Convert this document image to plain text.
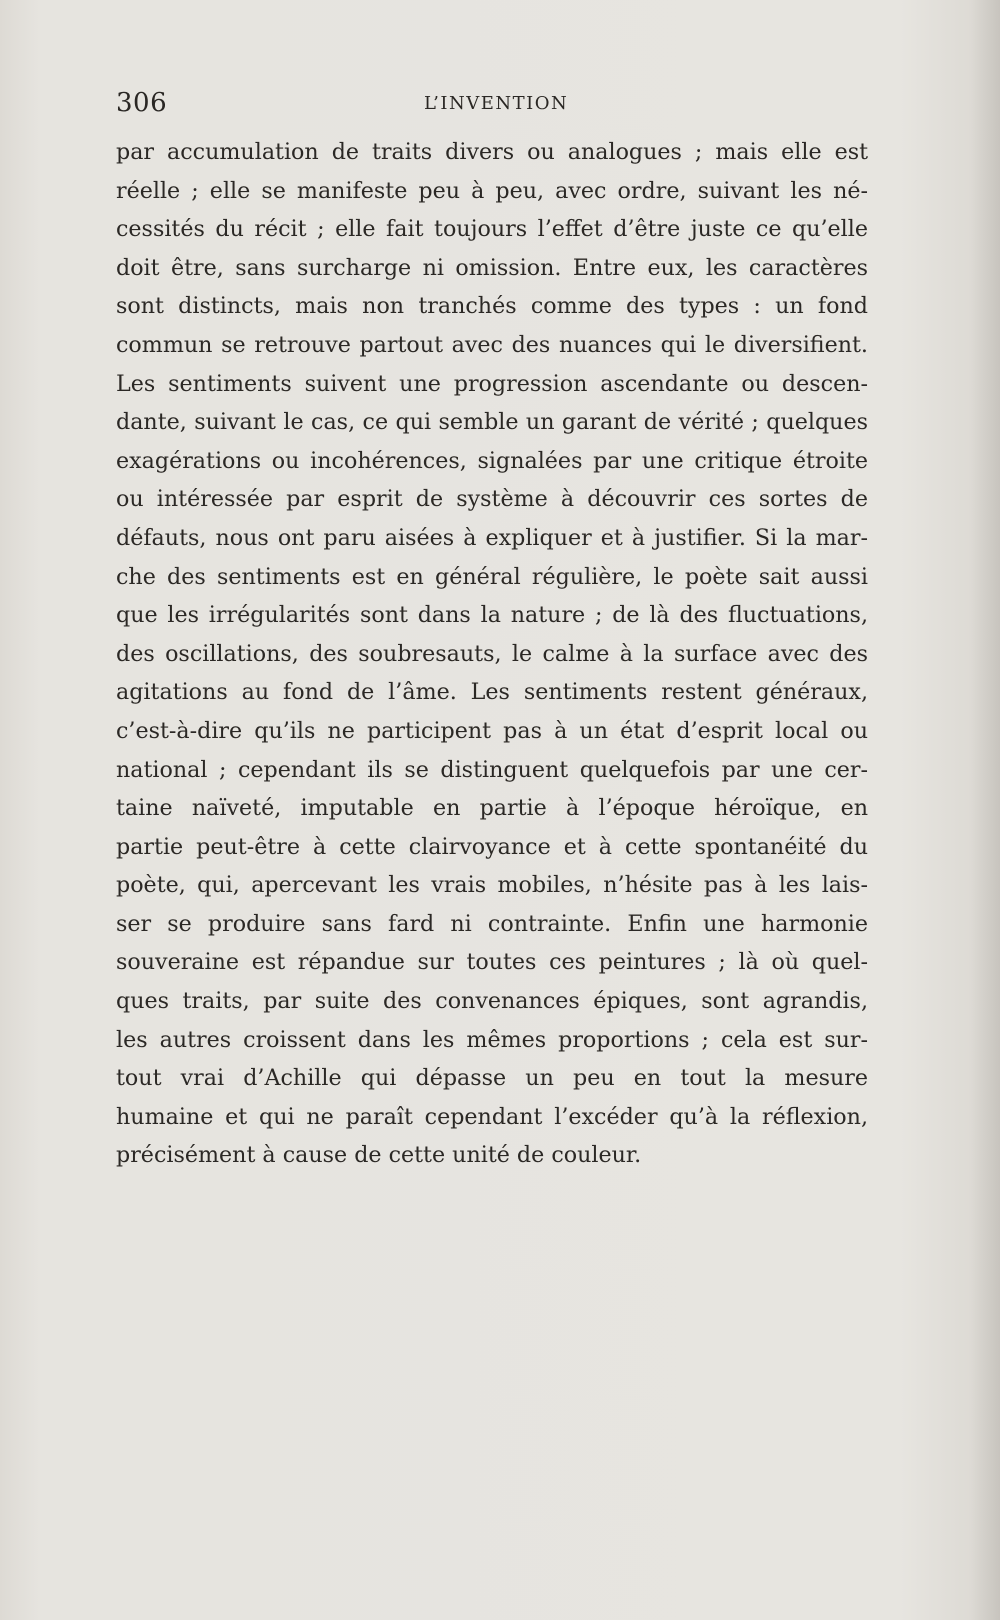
306	L’INVENTION
par accumulation de traits divers ou analogues ; mais elle est
réelle ; elle se manifeste peu à peu, avec ordre, suivant les né-
cessités du récit ; elle fait toujours l’effet d’être juste ce qu’elle
doit être, sans surcharge ni omission. Entre eux, les caractères
sont distincts, mais non tranchés comme des types : un fond
commun se retrouve partout avec des nuances qui le diversifient.
Les sentiments suivent une progression ascendante ou descen-
dante, suivant le cas, ce qui semble un garant de vérité ; quelques
exagérations ou incohérences, signalées par une critique étroite
ou intéressée par esprit de système à découvrir ces sortes de
défauts, nous ont paru aisées à expliquer et à justifier. Si la mar-
che des sentiments est en général régulière, le poète sait aussi
que les irrégularités sont dans la nature ; de là des fluctuations,
des oscillations, des soubresauts, le calme à la surface avec des
agitations au fond de l’âme. Les sentiments restent généraux,
c’est-à-dire qu’ils ne participent pas à un état d’esprit local ou
national ; cependant ils se distinguent quelquefois par une cer-
taine naïveté, imputable en partie à l’époque héroïque, en
partie peut-être à cette clairvoyance et à cette spontanéité du
poète, qui, apercevant les vrais mobiles, n’hésite pas à les lais-
ser se produire sans fard ni contrainte. Enfin une harmonie
souveraine est répandue sur toutes ces peintures ; là où quel-
ques traits, par suite des convenances épiques, sont agrandis,
les autres croissent dans les mêmes proportions ; cela est sur-
tout vrai d’Achille qui dépasse un peu en tout la mesure
humaine et qui ne paraît cependant l’excéder qu’à la réflexion,
précisément à cause de cette unité de couleur.
